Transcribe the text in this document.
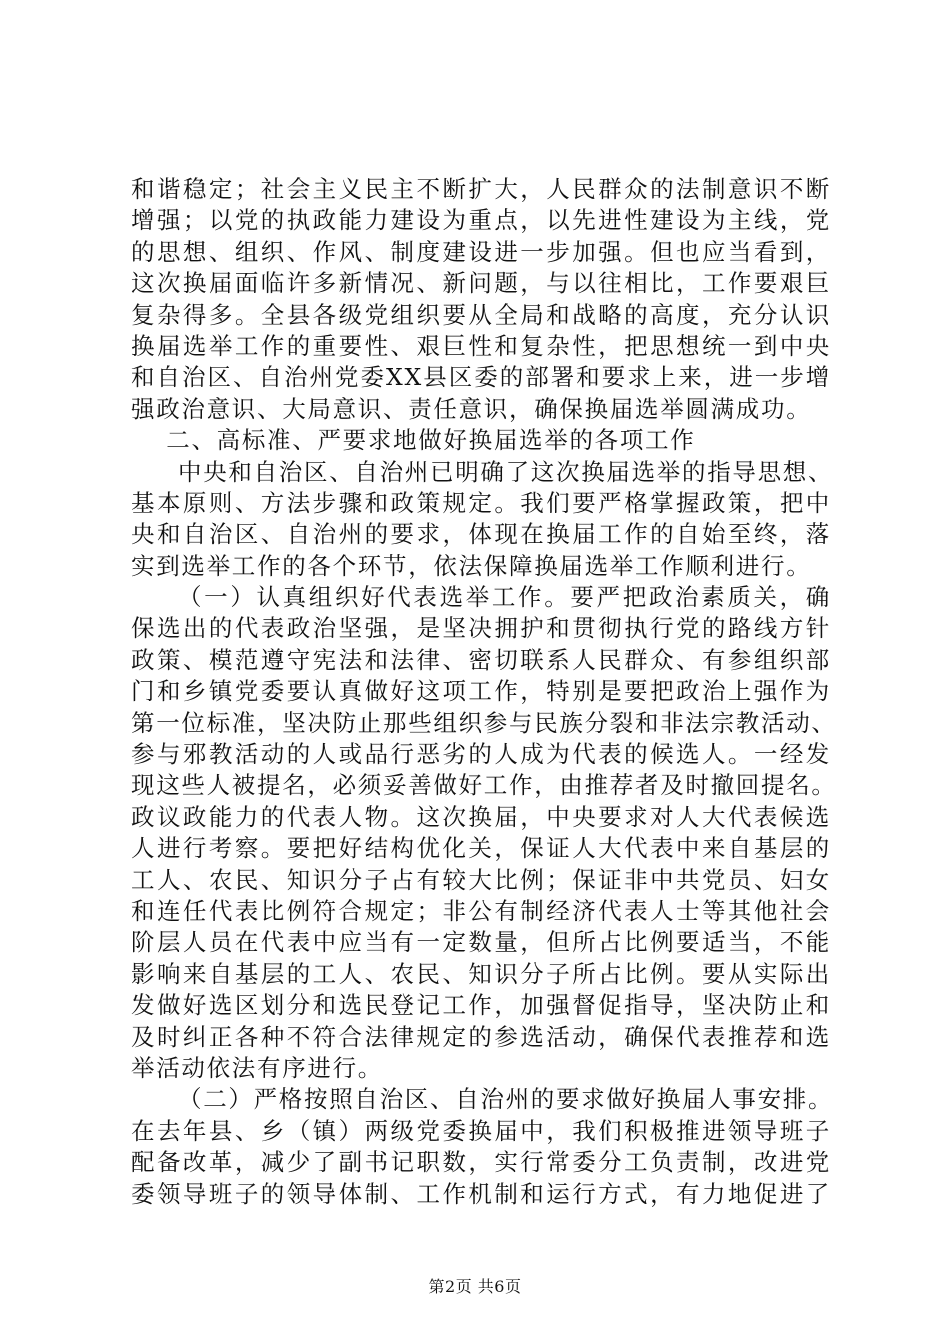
和谐稳定；社会主义民主不断扩大，人民群众的法制意识不断
增强；以党的执政能力建设为重点，以先进性建设为主线，党
的思想、组织、作风、制度建设进一步加强。但也应当看到，
这次换届面临许多新情况、新问题，与以往相比，工作要艰巨
复杂得多。全县各级党组织要从全局和战略的高度，充分认识
换届选举工作的重要性、艰巨性和复杂性，把思想统一到中央
和自治区、自治州党委XX县区委的部署和要求上来，进一步增
强政治意识、大局意识、责任意识，确保换届选举圆满成功。
二、高标准、严要求地做好换届选举的各项工作
中央和自治区、自治州已明确了这次换届选举的指导思想、
基本原则、方法步骤和政策规定。我们要严格掌握政策，把中
央和自治区、自治州的要求，体现在换届工作的自始至终，落
实到选举工作的各个环节，依法保障换届选举工作顺利进行。
（一）认真组织好代表选举工作。要严把政治素质关，确
保选出的代表政治坚强，是坚决拥护和贯彻执行党的路线方针
政策、模范遵守宪法和法律、密切联系人民群众、有参组织部
门和乡镇党委要认真做好这项工作，特别是要把政治上强作为
第一位标准，坚决防止那些组织参与民族分裂和非法宗教活动、
参与邪教活动的人或品行恶劣的人成为代表的候选人。一经发
现这些人被提名，必须妥善做好工作，由推荐者及时撤回提名。
政议政能力的代表人物。这次换届，中央要求对人大代表候选
人进行考察。要把好结构优化关，保证人大代表中来自基层的
工人、农民、知识分子占有较大比例；保证非中共党员、妇女
和连任代表比例符合规定；非公有制经济代表人士等其他社会
阶层人员在代表中应当有一定数量，但所占比例要适当，不能
影响来自基层的工人、农民、知识分子所占比例。要从实际出
发做好选区划分和选民登记工作，加强督促指导，坚决防止和
及时纠正各种不符合法律规定的参选活动，确保代表推荐和选
举活动依法有序进行。
（二）严格按照自治区、自治州的要求做好换届人事安排。
在去年县、乡（镇）两级党委换届中，我们积极推进领导班子
配备改革，减少了副书记职数，实行常委分工负责制，改进党
委领导班子的领导体制、工作机制和运行方式，有力地促进了
第2页 共6页
